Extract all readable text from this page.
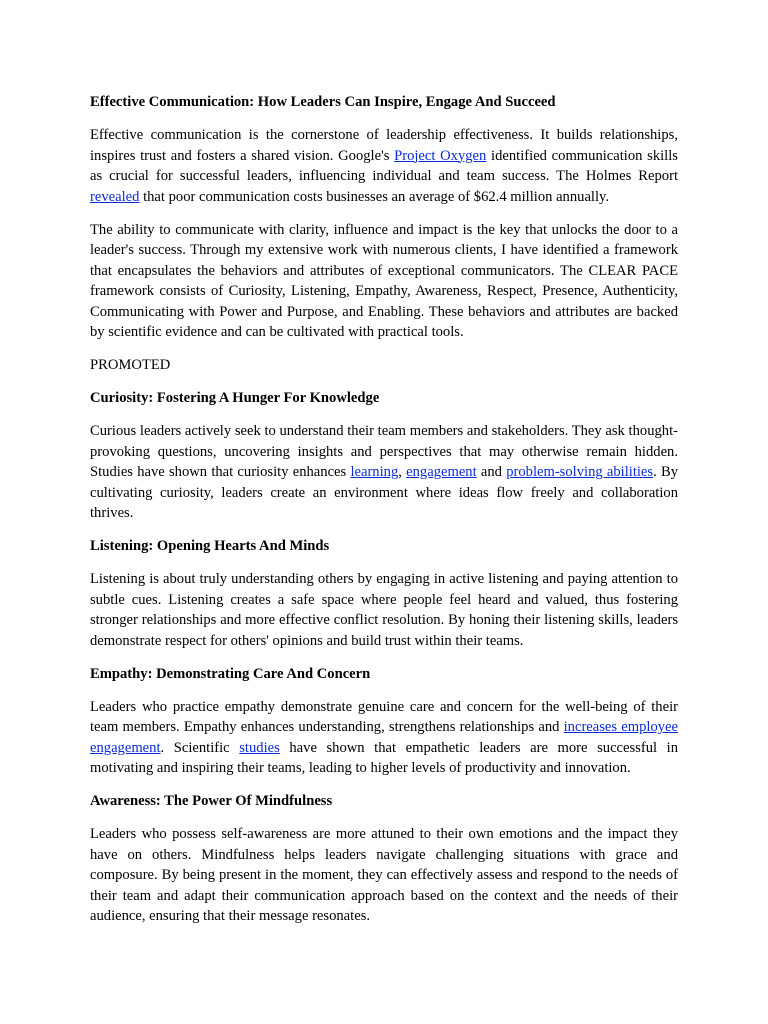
Effective Communication: How Leaders Can Inspire, Engage And Succeed

Effective communication is the cornerstone of leadership effectiveness. It builds relationships, inspires trust and fosters a shared vision. Google's Project Oxygen identified communication skills as crucial for successful leaders, influencing individual and team success. The Holmes Report revealed that poor communication costs businesses an average of $62.4 million annually.

The ability to communicate with clarity, influence and impact is the key that unlocks the door to a leader's success. Through my extensive work with numerous clients, I have identified a framework that encapsulates the behaviors and attributes of exceptional communicators. The CLEAR PACE framework consists of Curiosity, Listening, Empathy, Awareness, Respect, Presence, Authenticity, Communicating with Power and Purpose, and Enabling. These behaviors and attributes are backed by scientific evidence and can be cultivated with practical tools.

PROMOTED
Curiosity: Fostering A Hunger For Knowledge

Curious leaders actively seek to understand their team members and stakeholders. They ask thought-provoking questions, uncovering insights and perspectives that may otherwise remain hidden. Studies have shown that curiosity enhances learning, engagement and problem-solving abilities. By cultivating curiosity, leaders create an environment where ideas flow freely and collaboration thrives.

Listening: Opening Hearts And Minds

Listening is about truly understanding others by engaging in active listening and paying attention to subtle cues. Listening creates a safe space where people feel heard and valued, thus fostering stronger relationships and more effective conflict resolution. By honing their listening skills, leaders demonstrate respect for others' opinions and build trust within their teams.

Empathy: Demonstrating Care And Concern

Leaders who practice empathy demonstrate genuine care and concern for the well-being of their team members. Empathy enhances understanding, strengthens relationships and increases employee engagement. Scientific studies have shown that empathetic leaders are more successful in motivating and inspiring their teams, leading to higher levels of productivity and innovation.

Awareness: The Power Of Mindfulness

Leaders who possess self-awareness are more attuned to their own emotions and the impact they have on others. Mindfulness helps leaders navigate challenging situations with grace and composure. By being present in the moment, they can effectively assess and respond to the needs of their team and adapt their communication approach based on the context and the needs of their audience, ensuring that their message resonates.
